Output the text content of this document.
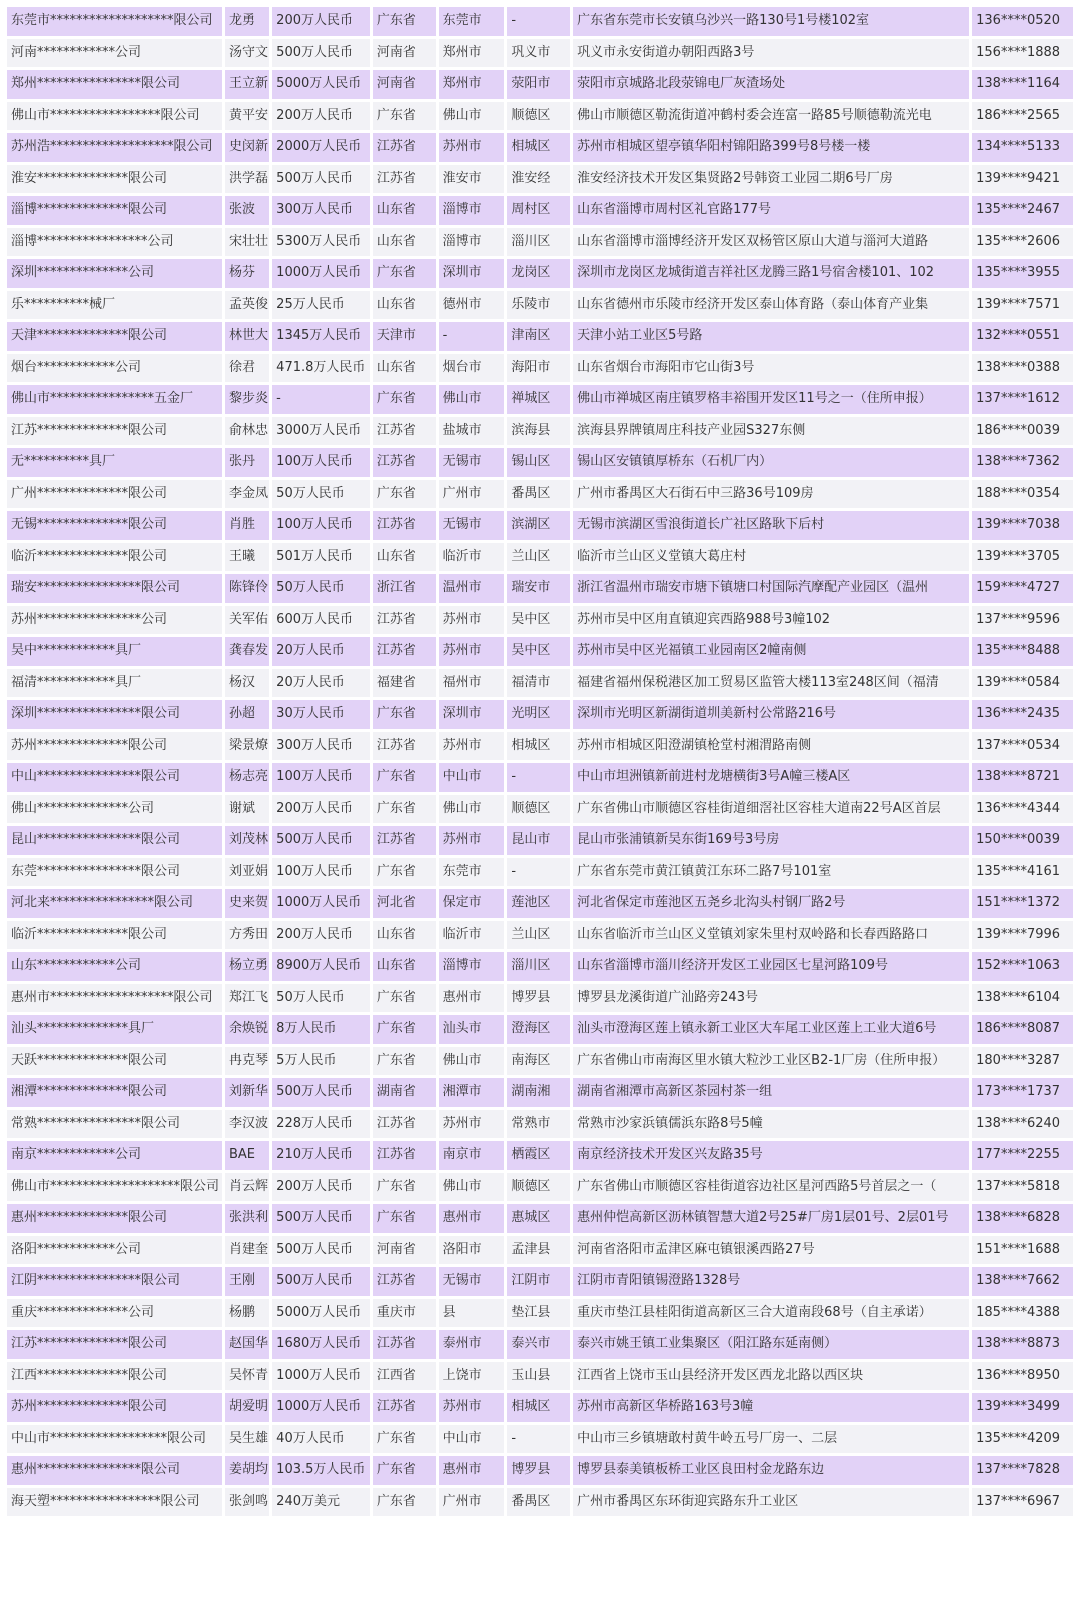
东莞市*******************限公司	龙勇	200万人民币	广东省	东莞市	-	广东省东莞市长安镇乌沙兴一路130号1号楼102室	136****0520
河南************公司	汤守文	500万人民币	河南省	郑州市	巩义市	巩义市永安街道办朝阳西路3号	156****1888
郑州****************限公司	王立新	5000万人民币	河南省	郑州市	荥阳市	荥阳市京城路北段荥锦电厂灰渣场处	138****1164
佛山市*****************限公司	黄平安	200万人民币	广东省	佛山市	顺德区	佛山市顺德区勒流街道冲鹤村委会连富一路85号顺德勒流光电	186****2565
苏州浩*******************限公司	史闵新	2000万人民币	江苏省	苏州市	相城区	苏州市相城区望亭镇华阳村锦阳路399号8号楼一楼	134****5133
淮安**************限公司	洪学磊	500万人民币	江苏省	淮安市	淮安经	淮安经济技术开发区集贤路2号韩资工业园二期6号厂房	139****9421
淄博**************限公司	张波	300万人民币	山东省	淄博市	周村区	山东省淄博市周村区礼官路177号	135****2467
淄博*****************公司	宋壮壮	5300万人民币	山东省	淄博市	淄川区	山东省淄博市淄博经济开发区双杨管区原山大道与淄河大道路	135****2606
深圳**************公司	杨芬	1000万人民币	广东省	深圳市	龙岗区	深圳市龙岗区龙城街道吉祥社区龙腾三路1号宿舍楼101、102	135****3955
乐**********械厂	孟英俊	25万人民币	山东省	德州市	乐陵市	山东省德州市乐陵市经济开发区泰山体育路（泰山体育产业集	139****7571
天津**************限公司	林世大	1345万人民币	天津市	-	津南区	天津小站工业区5号路	132****0551
烟台************公司	徐君	471.8万人民币	山东省	烟台市	海阳市	山东省烟台市海阳市它山街3号	138****0388
佛山市****************五金厂	黎步炎	-	广东省	佛山市	禅城区	佛山市禅城区南庄镇罗格丰裕围开发区11号之一（住所申报）	137****1612
江苏**************限公司	俞林忠	3000万人民币	江苏省	盐城市	滨海县	滨海县界牌镇周庄科技产业园S327东侧	186****0039
无**********具厂	张丹	100万人民币	江苏省	无锡市	锡山区	锡山区安镇镇厚桥东（石机厂内）	138****7362
广州**************限公司	李金凤	50万人民币	广东省	广州市	番禺区	广州市番禺区大石街石中三路36号109房	188****0354
无锡**************限公司	肖胜	100万人民币	江苏省	无锡市	滨湖区	无锡市滨湖区雪浪街道长广社区路耿下后村	139****7038
临沂**************限公司	王曦	501万人民币	山东省	临沂市	兰山区	临沂市兰山区义堂镇大葛庄村	139****3705
瑞安****************限公司	陈锋伶	50万人民币	浙江省	温州市	瑞安市	浙江省温州市瑞安市塘下镇塘口村国际汽摩配产业园区（温州	159****4727
苏州****************公司	关军佑	600万人民币	江苏省	苏州市	吴中区	苏州市吴中区甪直镇迎宾西路988号3幢102	137****9596
吴中************具厂	龚春发	20万人民币	江苏省	苏州市	吴中区	苏州市吴中区光福镇工业园南区2幢南侧	135****8488
福清************具厂	杨汉	20万人民币	福建省	福州市	福清市	福建省福州保税港区加工贸易区监管大楼113室248区间（福清	139****0584
深圳****************限公司	孙超	30万人民币	广东省	深圳市	光明区	深圳市光明区新湖街道圳美新村公常路216号	136****2435
苏州**************限公司	梁景燎	300万人民币	江苏省	苏州市	相城区	苏州市相城区阳澄湖镇枪堂村湘渭路南侧	137****0534
中山****************限公司	杨志亮	100万人民币	广东省	中山市	-	中山市坦洲镇新前进村龙塘横街3号A幢三楼A区	138****8721
佛山**************公司	谢斌	200万人民币	广东省	佛山市	顺德区	广东省佛山市顺德区容桂街道细滘社区容桂大道南22号A区首层	136****4344
昆山****************限公司	刘茂林	500万人民币	江苏省	苏州市	昆山市	昆山市张浦镇新吴东街169号3号房	150****0039
东莞****************限公司	刘亚娟	100万人民币	广东省	东莞市	-	广东省东莞市黄江镇黄江东环二路7号101室	135****4161
河北来****************限公司	史来贺	1000万人民币	河北省	保定市	莲池区	河北省保定市莲池区五尧乡北沟头村钢厂路2号	151****1372
临沂**************限公司	方秀田	200万人民币	山东省	临沂市	兰山区	山东省临沂市兰山区义堂镇刘家朱里村双岭路和长春西路路口	139****7996
山东************公司	杨立勇	8900万人民币	山东省	淄博市	淄川区	山东省淄博市淄川经济开发区工业园区七星河路109号	152****1063
惠州市*******************限公司	郑江飞	50万人民币	广东省	惠州市	博罗县	博罗县龙溪街道广汕路旁243号	138****6104
汕头**************具厂	余焕锐	8万人民币	广东省	汕头市	澄海区	汕头市澄海区莲上镇永新工业区大车尾工业区莲上工业大道6号	186****8087
天跃**************限公司	冉克琴	5万人民币	广东省	佛山市	南海区	广东省佛山市南海区里水镇大粒沙工业区B2-1厂房（住所申报）	180****3287
湘潭**************限公司	刘新华	500万人民币	湖南省	湘潭市	湖南湘	湖南省湘潭市高新区茶园村茶一组	173****1737
常熟****************限公司	李汉波	228万人民币	江苏省	苏州市	常熟市	常熟市沙家浜镇儒浜东路8号5幢	138****6240
南京************公司	BAE	210万人民币	江苏省	南京市	栖霞区	南京经济技术开发区兴友路35号	177****2255
佛山市********************限公司	肖云辉	200万人民币	广东省	佛山市	顺德区	广东省佛山市顺德区容桂街道容边社区星河西路5号首层之一（	137****5818
惠州**************限公司	张洪利	500万人民币	广东省	惠州市	惠城区	惠州仲恺高新区沥林镇智慧大道2号25#厂房1层01号、2层01号	138****6828
洛阳************公司	肖建奎	500万人民币	河南省	洛阳市	孟津县	河南省洛阳市孟津区麻屯镇银溪西路27号	151****1688
江阴****************限公司	王刚	500万人民币	江苏省	无锡市	江阴市	江阴市青阳镇锡澄路1328号	138****7662
重庆**************公司	杨鹏	5000万人民币	重庆市	县	垫江县	重庆市垫江县桂阳街道高新区三合大道南段68号（自主承诺）	185****4388
江苏**************限公司	赵国华	1680万人民币	江苏省	泰州市	泰兴市	泰兴市姚王镇工业集聚区（阳江路东延南侧）	138****8873
江西**************限公司	吴怀青	1000万人民币	江西省	上饶市	玉山县	江西省上饶市玉山县经济开发区西龙北路以西区块	136****8950
苏州**************限公司	胡爱明	1000万人民币	江苏省	苏州市	相城区	苏州市高新区华桥路163号3幢	139****3499
中山市******************限公司	吴生雄	40万人民币	广东省	中山市	-	中山市三乡镇塘敢村黄牛岭五号厂房一、二层	135****4209
惠州****************限公司	姜胡均	103.5万人民币	广东省	惠州市	博罗县	博罗县泰美镇板桥工业区良田村金龙路东边	137****7828
海天塑*****************限公司	张剑鸣	240万美元	广东省	广州市	番禺区	广州市番禺区东环街迎宾路东升工业区	137****6967
